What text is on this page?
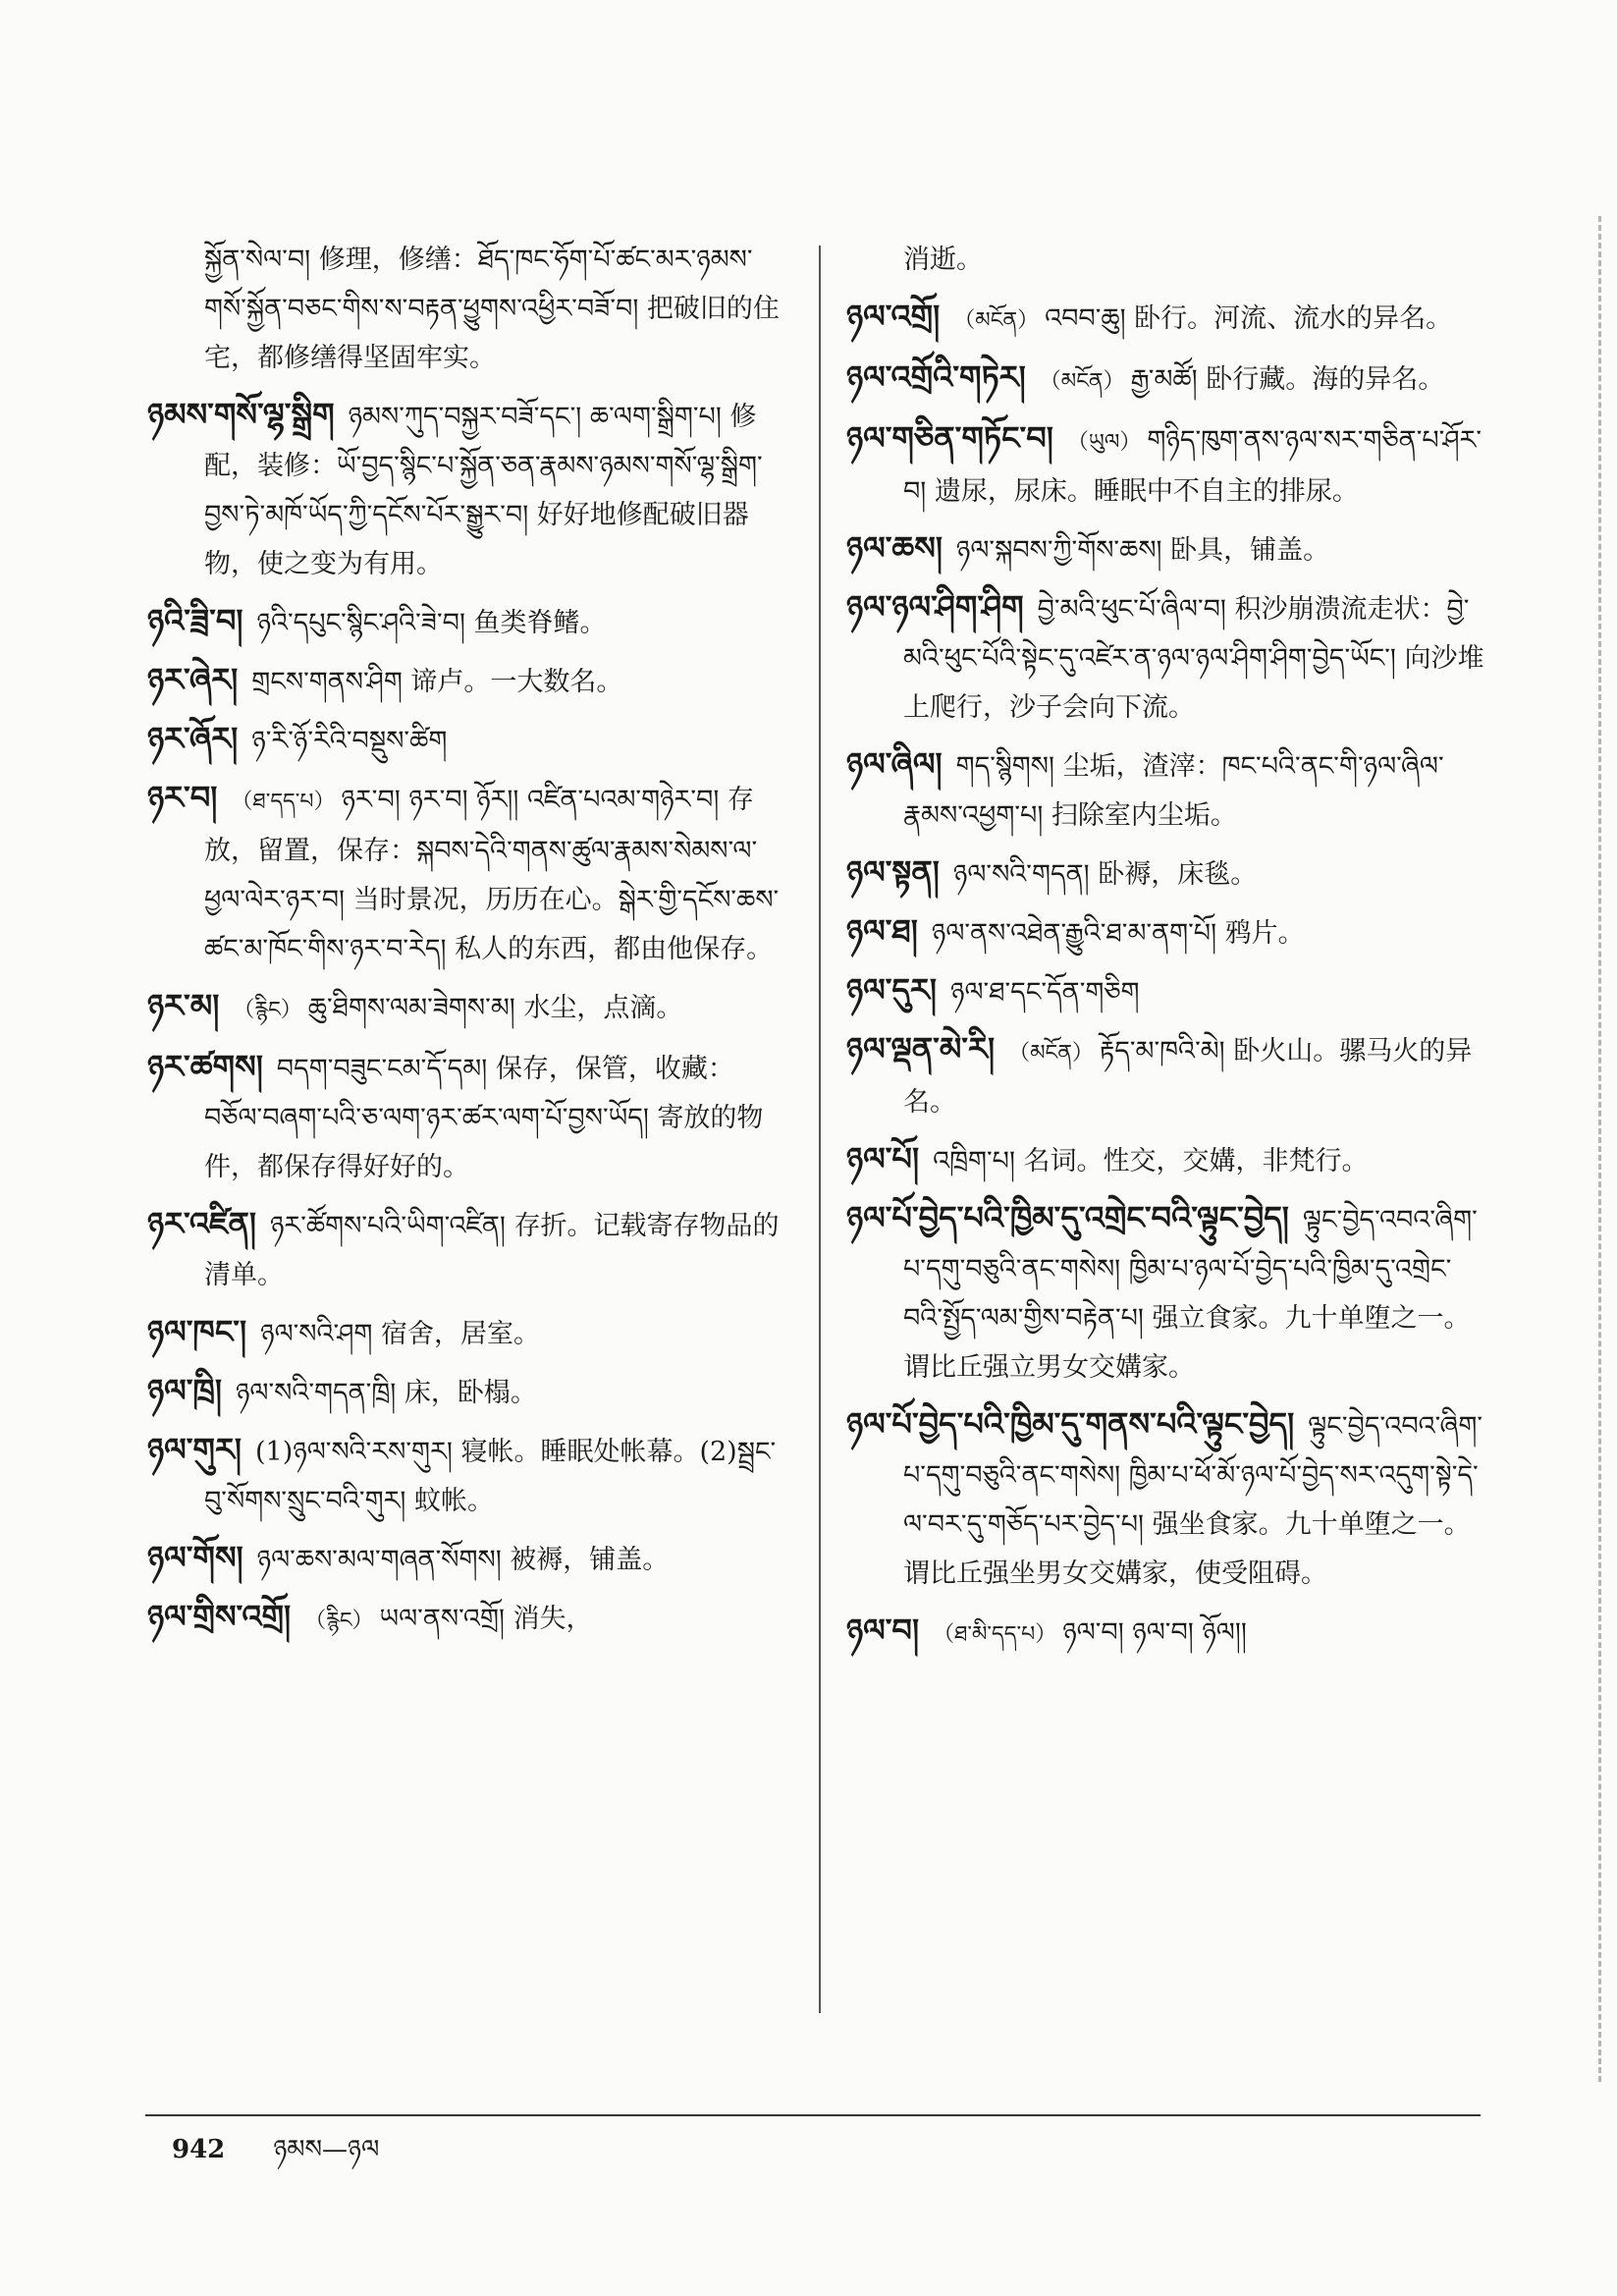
སྐྱོན་སེལ་བ། 修理，修缮：ཐོད་ཁང་ཧོག་པོ་ཚང་མར་ཉམས་གསོ་སྐྱོན་བཅང་གིས་ས་བརྟན་ཕྱུགས་འཕྱིར་བཟོ་བ། 把破旧的住宅，都修缮得坚固牢实。

ཉམས་གསོ་ལྷ་སྒྲིག ཉམས་ཀུད་བསྐྱར་བཟོ་དང་། ཆ་ལག་སྒྲིག་པ། 修配，装修：ཡོ་བྱད་སྙིང་པ་སྐྱོན་ཅན་རྣམས་ཉམས་གསོ་ལྷ་སྒྲིག་བྱས་ཏེ་མཁོ་ཡོད་ཀྱི་དངོས་པོར་སྒྱུར་བ། 好好地修配破旧器物，使之变为有用。

ཉའི་ཟྲི་བ། ཉའི་དཔུང་སྙིང་ཤའི་ཟེ་བ། 鱼类脊鳍。

ཉར་ཞེར། གྲངས་གནས་ཤིག 谛卢。一大数名。

ཉར་ཞོར། ཉ་རི་ཉོ་རིའི་བསྡུས་ཚིག

ཉར་བ། （ཐ་དད་པ） ཉར་བ། ཉར་བ། ཉོར།། འཛིན་པའམ་གཉེར་བ། 存放，留置，保存：སྐབས་དེའི་གནས་ཚུལ་རྣམས་སེམས་ལ་ཕྱལ་ལེར་ཉར་བ། 当时景况，历历在心。སྒེར་གྱི་དངོས་ཆས་ཚང་མ་ཁོང་གིས་ཉར་བ་རེད། 私人的东西，都由他保存。

ཉར་མ། （རྙིང） ཆུ་ཐིགས་ལམ་ཟེགས་མ། 水尘，点滴。

ཉར་ཚགས། བདག་བཟུང་ངམ་དོ་དམ། 保存，保管，收藏：བཅོལ་བཞག་པའི་ཅ་ལག་ཉར་ཚར་ལག་པོ་བྱས་ཡོད། 寄放的物件，都保存得好好的。

ཉར་འཛིན། ཉར་ཚོགས་པའི་ཡིག་འཛིན། 存折。记载寄存物品的清单。

ཉལ་ཁང་། ཉལ་སའི་ཤག 宿舍，居室。

ཉལ་ཁྲི། ཉལ་སའི་གདན་ཁྲི། 床，卧榻。

ཉལ་གུར། (1)ཉལ་སའི་རས་གུར། 寝帐。睡眠处帐幕。(2)སྦྲང་བུ་སོགས་སྲུང་བའི་གུར། 蚊帐。

ཉལ་གོས། ཉལ་ཆས་མལ་གཞན་སོགས། 被褥，铺盖。

ཉལ་གྲིས་འགྲོ། （རྙིང） ཡལ་ནས་འགྲོ། 消失，

消逝。

ཉལ་འགྲོ། （མངོན） འབབ་ཆུ། 卧行。河流、流水的异名。

ཉལ་འགྲོའི་གཏེར། （མངོན） རྒྱ་མཚོ། 卧行藏。海的异名。

ཉལ་གཅིན་གཏོང་བ། （ཡུལ） གཉིད་ཁུག་ནས་ཉལ་སར་གཅིན་པ་ཤོར་བ། 遗尿，尿床。睡眠中不自主的排尿。

ཉལ་ཆས། ཉལ་སྐབས་ཀྱི་གོས་ཆས། 卧具，铺盖。

ཉལ་ཉལ་ཤིག་ཤིག བྱེ་མའི་ཕུང་པོ་ཞིལ་བ། 积沙崩溃流走状：བྱེ་མའི་ཕུང་པོའི་སྟེང་དུ་འཛེར་ན་ཉལ་ཉལ་ཤིག་ཤིག་བྱེད་ཡོང་། 向沙堆上爬行，沙子会向下流。

ཉལ་ཞིལ། གད་སྙིགས། 尘垢，渣滓：ཁང་པའི་ནང་གི་ཉལ་ཞིལ་རྣམས་འཕྱག་པ། 扫除室内尘垢。

ཉལ་སྟན། ཉལ་སའི་གདན། 卧褥，床毯。

ཉལ་ཐ། ཉལ་ནས་འཐེན་རྒྱུའི་ཐ་མ་ནག་པོ། 鸦片。

ཉལ་དུར། ཉལ་ཐ་དང་དོན་གཅིག

ཉལ་ལྡན་མེ་རི། （མངོན） རྟོད་མ་ཁའི་མེ། 卧火山。骡马火的异名。

ཉལ་པོ། འཁྲིག་པ། 名词。性交，交媾，非梵行。

ཉལ་པོ་བྱེད་པའི་ཁྱིམ་དུ་འགྲེང་བའི་ལྟུང་བྱེད། ལྟུང་བྱེད་འབའ་ཞིག་པ་དགུ་བཅུའི་ནང་གསེས། ཁྱིམ་པ་ཉལ་པོ་བྱེད་པའི་ཁྱིམ་དུ་འགྲེང་བའི་སྤྱོད་ལམ་གྱིས་བརྟེན་པ། 强立食家。九十单堕之一。谓比丘强立男女交媾家。

ཉལ་པོ་བྱེད་པའི་ཁྱིམ་དུ་གནས་པའི་ལྟུང་བྱེད། ལྟུང་བྱེད་འབའ་ཞིག་པ་དགུ་བཅུའི་ནང་གསེས། ཁྱིམ་པ་ཕོ་མོ་ཉལ་པོ་བྱེད་སར་འདུག་སྟེ་དེ་ལ་བར་དུ་གཅོད་པར་བྱེད་པ། 强坐食家。九十单堕之一。谓比丘强坐男女交媾家，使受阻碍。

ཉལ་བ། （ཐ་མི་དད་པ） ཉལ་བ། ཉལ་བ། ཉོལ།།

942 ཉམས—ཉལ
